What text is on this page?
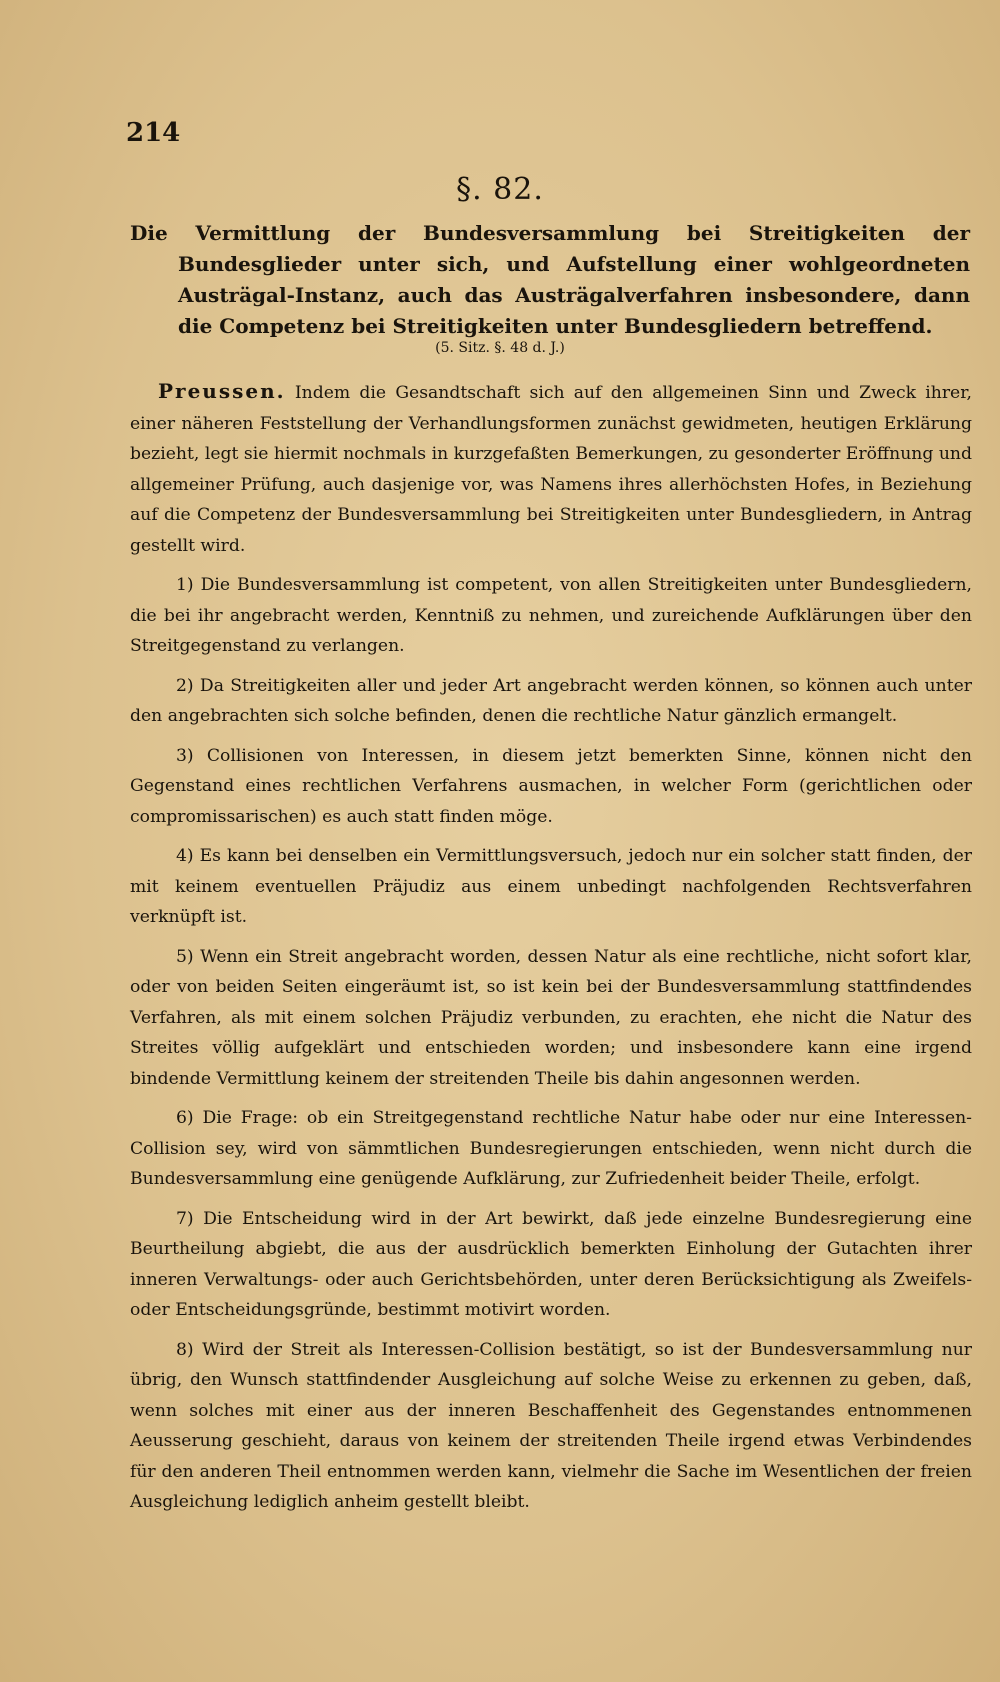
214
§. 82.
Die Vermittlung der Bundesversammlung bei Streitigkeiten der Bundesglieder unter sich, und Aufstellung einer wohlgeordneten Austrägal-Instanz, auch das Austrägalverfahren insbesondere, dann die Competenz bei Streitigkeiten unter Bundesgliedern betreffend.
(5. Sitz. §. 48 d. J.)

Preussen. Indem die Gesandtschaft sich auf den allgemeinen Sinn und Zweck ihrer, einer näheren Feststellung der Verhandlungsformen zunächst gewidmeten, heutigen Erklärung bezieht, legt sie hiermit nochmals in kurzgefaßten Bemerkungen, zu gesonderter Eröffnung und allgemeiner Prüfung, auch dasjenige vor, was Namens ihres allerhöchsten Hofes, in Beziehung auf die Competenz der Bundesversammlung bei Streitigkeiten unter Bundesgliedern, in Antrag gestellt wird.

1) Die Bundesversammlung ist competent, von allen Streitigkeiten unter Bundesgliedern, die bei ihr angebracht werden, Kenntniß zu nehmen, und zureichende Aufklärungen über den Streitgegenstand zu verlangen.

2) Da Streitigkeiten aller und jeder Art angebracht werden können, so können auch unter den angebrachten sich solche befinden, denen die rechtliche Natur gänzlich ermangelt.

3) Collisionen von Interessen, in diesem jetzt bemerkten Sinne, können nicht den Gegenstand eines rechtlichen Verfahrens ausmachen, in welcher Form (gerichtlichen oder compromissarischen) es auch statt finden möge.

4) Es kann bei denselben ein Vermittlungsversuch, jedoch nur ein solcher statt finden, der mit keinem eventuellen Präjudiz aus einem unbedingt nachfolgenden Rechtsverfahren verknüpft ist.

5) Wenn ein Streit angebracht worden, dessen Natur als eine rechtliche, nicht sofort klar, oder von beiden Seiten eingeräumt ist, so ist kein bei der Bundesversammlung stattfindendes Verfahren, als mit einem solchen Präjudiz verbunden, zu erachten, ehe nicht die Natur des Streites völlig aufgeklärt und entschieden worden; und insbesondere kann eine irgend bindende Vermittlung keinem der streitenden Theile bis dahin angesonnen werden.

6) Die Frage: ob ein Streitgegenstand rechtliche Natur habe oder nur eine Interessen-Collision sey, wird von sämmtlichen Bundesregierungen entschieden, wenn nicht durch die Bundesversammlung eine genügende Aufklärung, zur Zufriedenheit beider Theile, erfolgt.

7) Die Entscheidung wird in der Art bewirkt, daß jede einzelne Bundesregierung eine Beurtheilung abgiebt, die aus der ausdrücklich bemerkten Einholung der Gutachten ihrer inneren Verwaltungs- oder auch Gerichtsbehörden, unter deren Berücksichtigung als Zweifels- oder Entscheidungsgründe, bestimmt motivirt worden.

8) Wird der Streit als Interessen-Collision bestätigt, so ist der Bundesversammlung nur übrig, den Wunsch stattfindender Ausgleichung auf solche Weise zu erkennen zu geben, daß, wenn solches mit einer aus der inneren Beschaffenheit des Gegenstandes entnommenen Aeusserung geschieht, daraus von keinem der streitenden Theile irgend etwas Verbindendes für den anderen Theil entnommen werden kann, vielmehr die Sache im Wesentlichen der freien Ausgleichung lediglich anheim gestellt bleibt.
